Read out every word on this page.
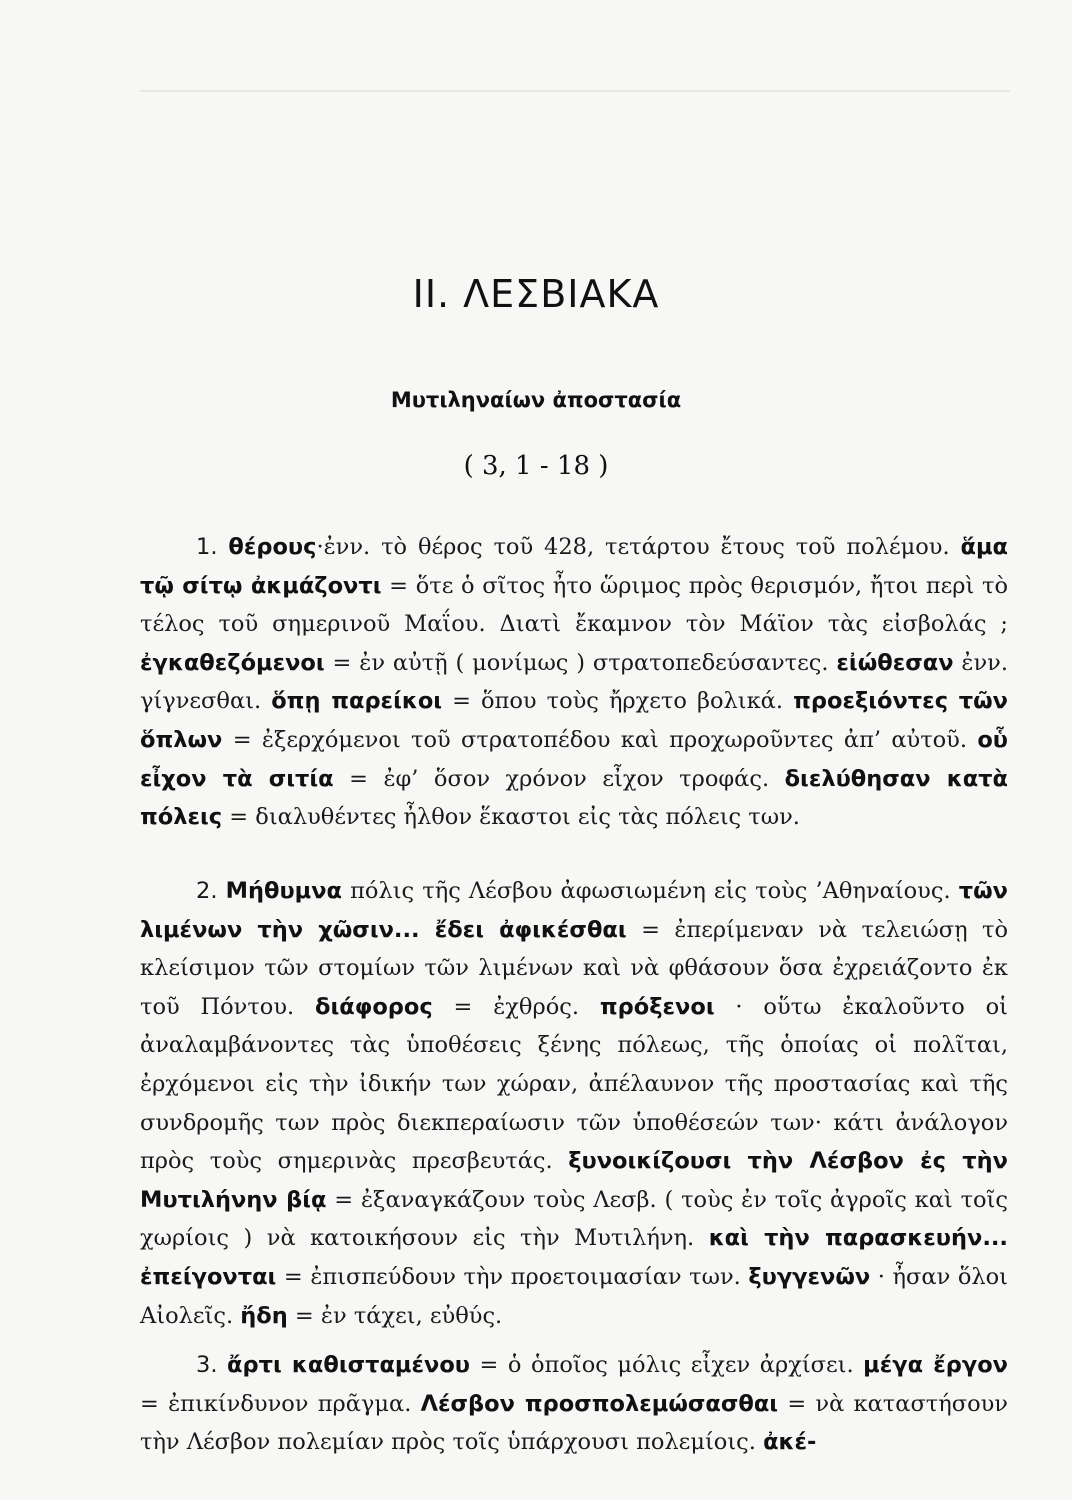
II. ΛΕΣΒΙΑΚΑ
Μυτιληναίων ἀποστασία
( 3, 1 - 18 )

1. θέρους·ἐνν. τὸ θέρος τοῦ 428, τετάρτου ἔτους τοῦ πολέμου. ἅμα τῷ σίτῳ ἀκμάζοντι = ὅτε ὁ σῖτος ἦτο ὥριμος πρὸς θερισμόν, ἤτοι περὶ τὸ τέλος τοῦ σημερινοῦ Μαΐου. Διατὶ ἔκαμνον τὸν Μάϊον τὰς εἰσβολάς ; ἐγκαθεζόμενοι = ἐν αὐτῇ ( μονίμως ) στρατοπεδεύσαντες. εἰώθεσαν ἐνν. γίγνεσθαι. ὅπῃ παρείκοι = ὅπου τοὺς ἤρχετο βολικά. προεξιόντες τῶν ὅπλων = ἐξερχόμενοι τοῦ στρατοπέδου καὶ προχωροῦντες ἀπ’ αὐτοῦ. οὗ εἶχον τὰ σιτία = ἐφ’ ὅσον χρόνον εἶχον τροφάς. διελύθησαν κατὰ πόλεις = διαλυθέντες ἦλθον ἕκαστοι εἰς τὰς πόλεις των.

2. Μήθυμνα πόλις τῆς Λέσβου ἀφωσιωμένη εἰς τοὺς ’Αθηναίους. τῶν λιμένων τὴν χῶσιν... ἔδει ἀφικέσθαι = ἐπερίμεναν νὰ τελειώσῃ τὸ κλείσιμον τῶν στομίων τῶν λιμένων καὶ νὰ φθάσουν ὅσα ἐχρειάζοντο ἐκ τοῦ Πόντου. διάφορος = ἐχθρός. πρόξενοι · οὕτω ἐκαλοῦντο οἱ ἀναλαμβάνοντες τὰς ὑποθέσεις ξένης πόλεως, τῆς ὁποίας οἱ πολῖται, ἐρχόμενοι εἰς τὴν ἰδικήν των χώραν, ἀπέλαυνον τῆς προστασίας καὶ τῆς συνδρομῆς των πρὸς διεκπεραίωσιν τῶν ὑποθέσεών των· κάτι ἀνάλογον πρὸς τοὺς σημερινὰς πρεσβευτάς. ξυνοικίζουσι τὴν Λέσβον ἐς τὴν Μυτιλήνην βίᾳ = ἐξαναγκάζουν τοὺς Λεσβ. ( τοὺς ἐν τοῖς ἀγροῖς καὶ τοῖς χωρίοις ) νὰ κατοικήσουν εἰς τὴν Μυτιλήνη. καὶ τὴν παρασκευήν... ἐπείγονται = ἐπισπεύδουν τὴν προετοιμασίαν των. ξυγγενῶν · ἦσαν ὅλοι Αἰολεῖς. ἤδη = ἐν τάχει, εὐθύς.

3. ἄρτι καθισταμένου = ὁ ὁποῖος μόλις εἶχεν ἀρχίσει. μέγα ἔργον = ἐπικίνδυνον πρᾶγμα. Λέσβον προσπολεμώσασθαι = νὰ καταστήσουν τὴν Λέσβον πολεμίαν πρὸς τοῖς ὑπάρχουσι πολεμίοις. ἀκέ-
